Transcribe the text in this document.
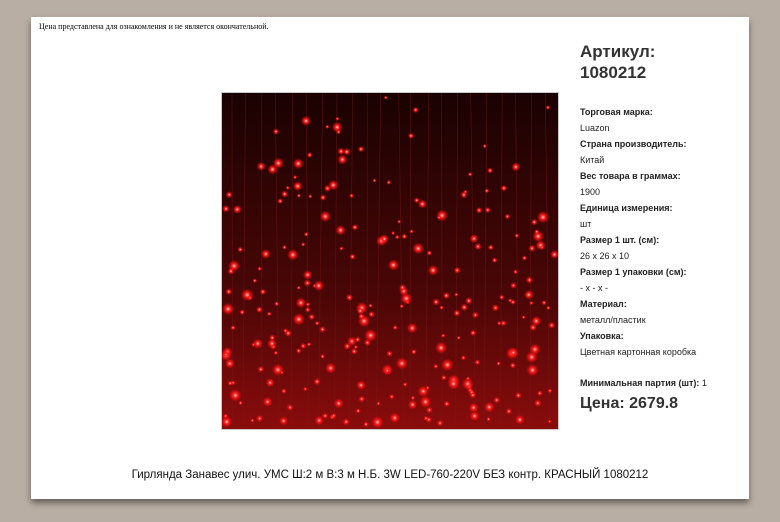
Цена представлена для ознакомления и не является окончательной.
Артикул:
1080212
Торговая марка:
Luazon
Страна производитель:
Китай
Вес товара в граммах:
1900
Единица измерения:
шт
Размер 1 шт. (см):
26 x 26 x 10
Размер 1 упаковки (см):
- x - x -
Материал:
металл/пластик
Упаковка:
Цветная картонная коробка
Минимальная партия (шт): 1
Цена: 2679.8
Гирлянда Занавес улич. УМС Ш:2 м В:3 м Н.Б. 3W LED-760-220V БЕЗ контр. КРАСНЫЙ 1080212
